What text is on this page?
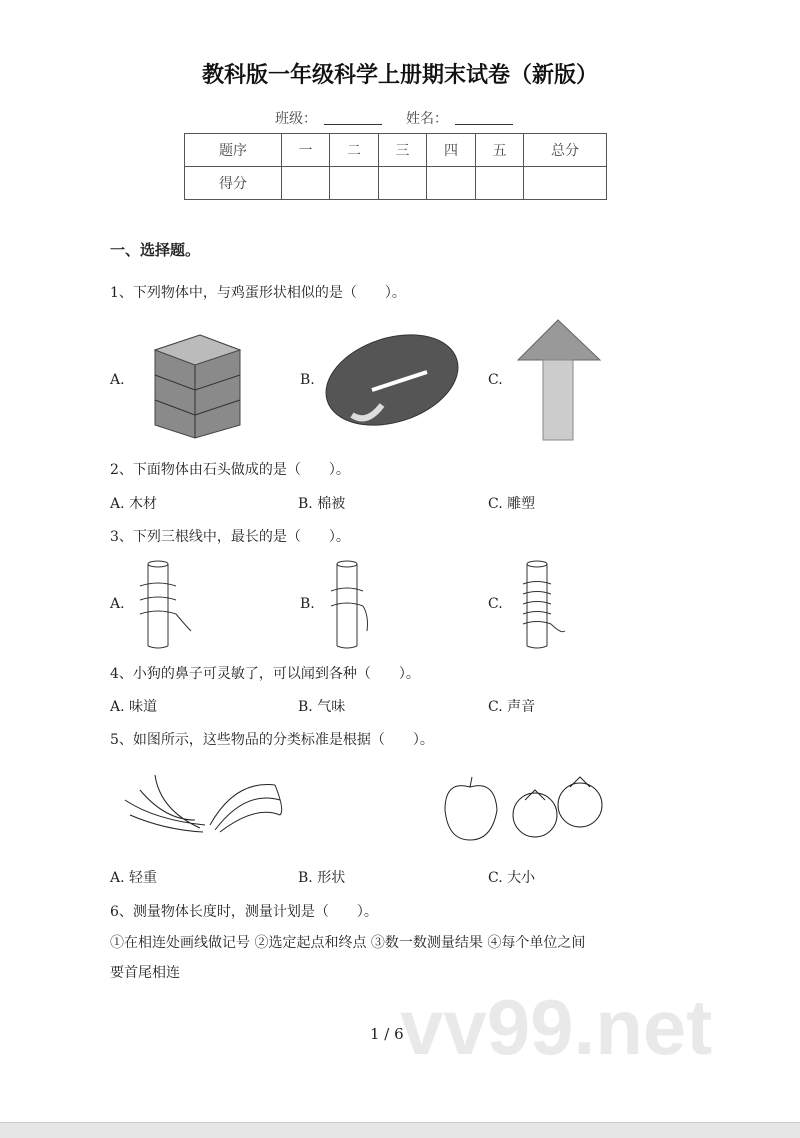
vv99.net
教科版一年级科学上册期末试卷（新版）
班级：	姓名：
题序	一	二	三	四	五	总分
得分						
一、选择题。
1、下列物体中，与鸡蛋形状相似的是（　　）。
A.	B.	C.
2、下面物体由石头做成的是（　　）。
A. 木材	B. 棉被	C. 雕塑
3、下列三根线中，最长的是（　　）。
A.	B.	C.
4、小狗的鼻子可灵敏了，可以闻到各种（　　）。
A. 味道	B. 气味	C. 声音
5、如图所示，这些物品的分类标准是根据（　　）。
A. 轻重	B. 形状	C. 大小
6、测量物体长度时，测量计划是（　　）。
①在相连处画线做记号 ②选定起点和终点 ③数一数测量结果 ④每个单位之间
要首尾相连
1 / 6
